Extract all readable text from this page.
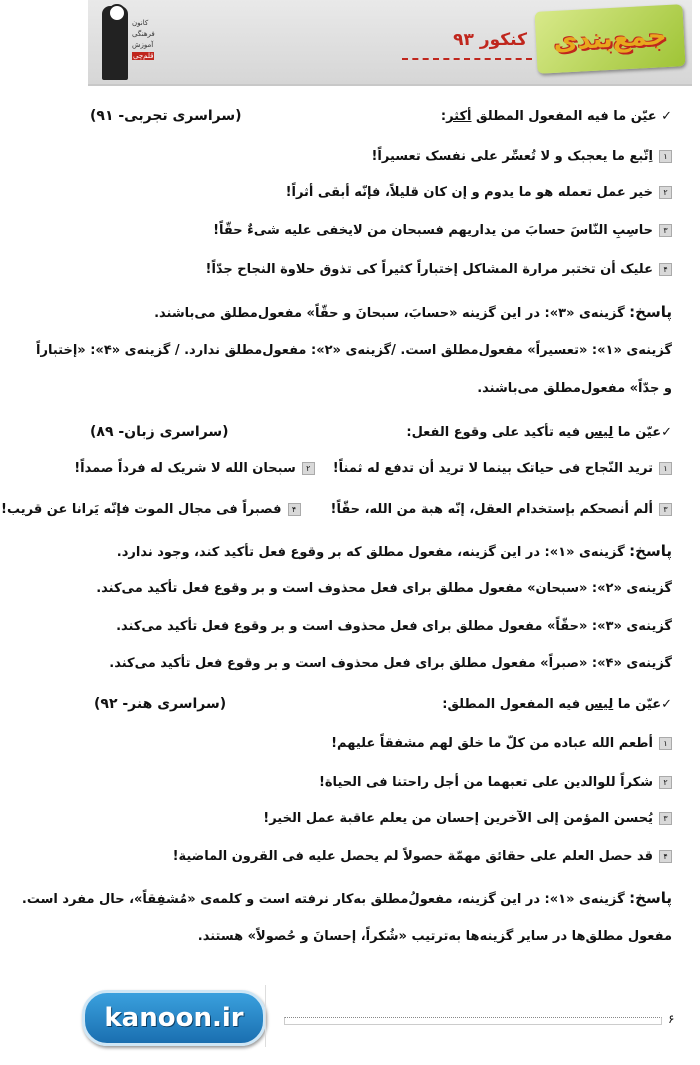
کانون
فرهنگی
آموزش
قلم‌چی	جمع‌بندی
کنکور ۹۳
✓ عیّن ما فیه المفعول المطلق أکثر:
(سراسری تجربی- ۹۱)
۱اِتّبع ما یعجبک و لا تُعسِّر علی نفسک تعسیراً!
۲خیر عمل تعمله هو ما یدوم و إن کان قلیلاً، فإنّه أبقی أثراً!
۳حاسِبِ النّاسَ حسابَ من یداریهم فسبحان من لایخفی علیه شیءٌ حقّاً!
۴علیک أن تختبر مرارة المشاکل إختباراً کثیراً کی تذوق حلاوة النجاح جدّاً!
پاسخ: گزینه‌ی «۳»: در این گزینه «حسابَ، سبحانَ و حقّاً» مفعول‌مطلق می‌باشند.
گزینه‌ی «۱»: «تعسیراً» مفعول‌مطلق است. /گزینه‌ی «۲»: مفعول‌مطلق ندارد. / گزینه‌ی «۴»: «إختباراً
و جدّاً» مفعول‌مطلق می‌باشند.
✓عیّن ما لیس فیه تأکید علی وقوع الفعل:
(سراسری زبان- ۸۹)
۱ترید النّجاح فی حیاتک بینما لا ترید أن تدفع له ثمناً!۲سبحان الله لا شریک له فرداً صمداً!
۳ألم أنصحکم بإستخدام العقل، إنّه هبة من الله، حقّاً!۴فصبراً فی مجال الموت فإنّه یَرانا عن قریب!
پاسخ: گزینه‌ی «۱»: در این گزینه، مفعول مطلق که بر وقوع فعل تأکید کند، وجود ندارد.
گزینه‌ی «۲»: «سبحان» مفعول مطلق برای فعل محذوف است و بر وقوع فعل تأکید می‌کند.
گزینه‌ی «۳»: «حقّاً» مفعول مطلق برای فعل محذوف است و بر وقوع فعل تأکید می‌کند.
گزینه‌ی «۴»: «صبراً» مفعول مطلق برای فعل محذوف است و بر وقوع فعل تأکید می‌کند.
✓عیّن ما لیس فیه المفعول المطلق:
(سراسری هنر- ۹۲)
۱أطعم الله عباده من کلّ ما خلق لهم مشفقاً علیهم!
۲شکراً للوالدین علی تعبهما من أجل راحتنا فی الحیاة!
۳یُحسن المؤمن إلی الآخرین إحسان من یعلم عاقبة عمل الخیر!
۴قد حصل العلم علی حقائق مهمّة حصولاً لم یحصل علیه فی القرون الماضیة!
پاسخ: گزینه‌ی «۱»: در این گزینه، مفعول‌ُمطلق به‌کار نرفته است و کلمه‌ی «مُشفِقاً»، حال مفرد است.
مفعول مطلق‌ها در سایر گزینه‌ها به‌ترتیب «شُکراً، إحسانَ و حُصولاً» هستند.
kanoon.ir	۶
